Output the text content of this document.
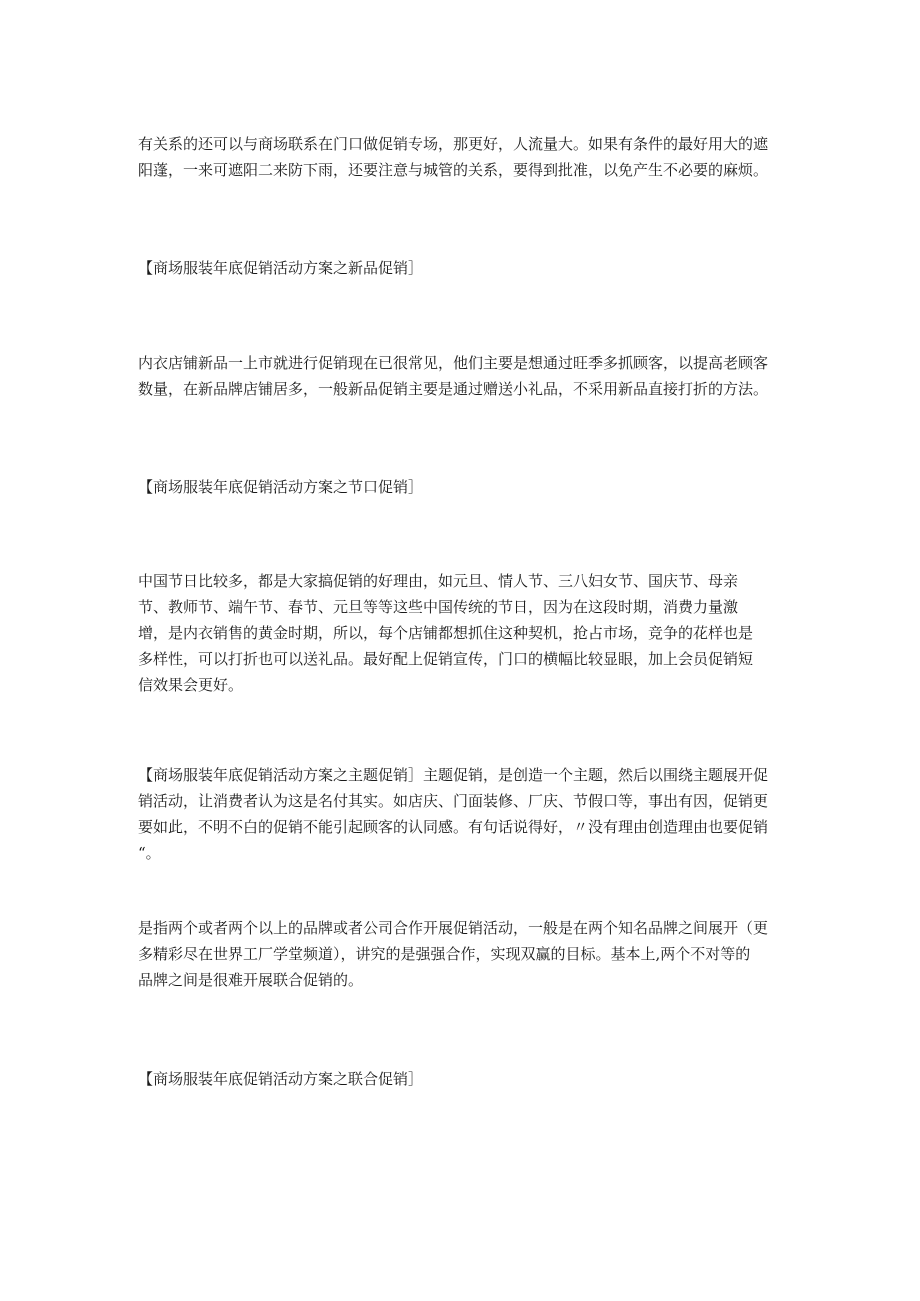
有关系的还可以与商场联系在门口做促销专场，那更好，人流量大。如果有条件的最好用大的遮
阳蓬，一来可遮阳二来防下雨，还要注意与城管的关系，要得到批准，以免产生不必要的麻烦。
【商场服装年底促销活动方案之新品促销］
内衣店铺新品一上市就进行促销现在已很常见，他们主要是想通过旺季多抓顾客，以提高老顾客
数量，在新品牌店铺居多，一般新品促销主要是通过赠送小礼品，不采用新品直接打折的方法。
【商场服装年底促销活动方案之节口促销］
中国节日比较多，都是大家搞促销的好理由，如元旦、情人节、三八妇女节、国庆节、母亲
节、教师节、端午节、春节、元旦等等这些中国传统的节日，因为在这段时期，消费力量激
增，是内衣销售的黄金时期，所以，每个店铺都想抓住这种契机，抢占市场，竞争的花样也是
多样性，可以打折也可以送礼品。最好配上促销宣传，门口的横幅比较显眼，加上会员促销短
信效果会更好。
【商场服装年底促销活动方案之主题促销］主题促销，是创造一个主题，然后以围绕主题展开促
销活动，让消费者认为这是名付其实。如店庆、门面装修、厂庆、节假口等，事出有因，促销更
要如此，不明不白的促销不能引起顾客的认同感。有句话说得好，〃没有理由创造理由也要促销
“。
是指两个或者两个以上的品牌或者公司合作开展促销活动，一般是在两个知名品牌之间展开（更
多精彩尽在世界工厂学堂频道），讲究的是强强合作，实现双赢的目标。基本上,两个不对等的
品牌之间是很难开展联合促销的。
【商场服装年底促销活动方案之联合促销］
